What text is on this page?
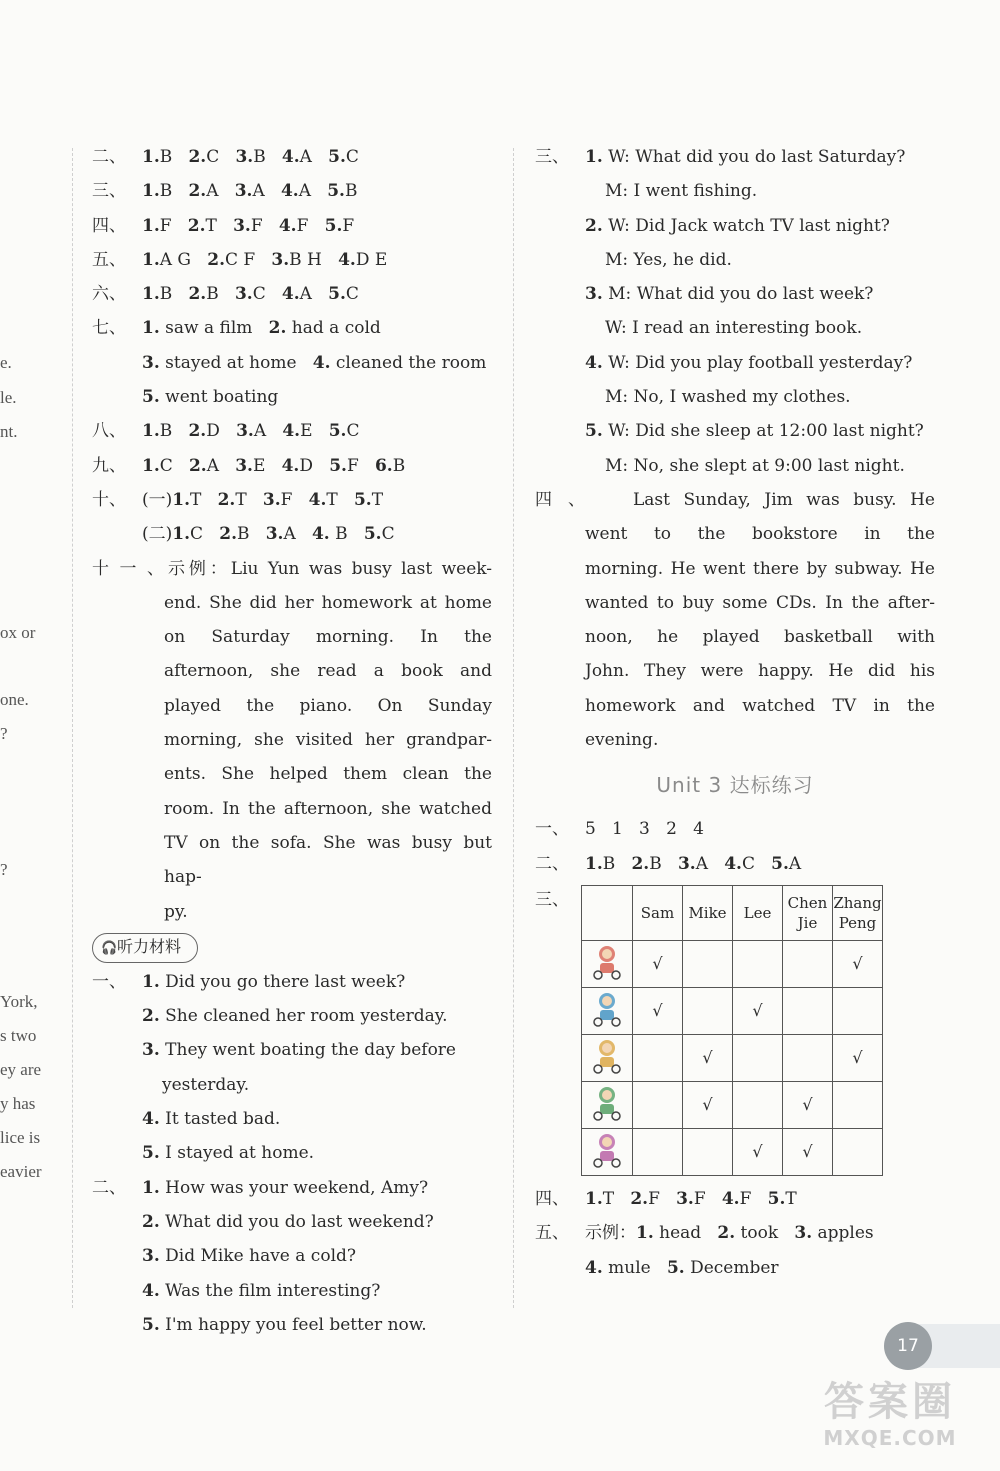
e.
le.
nt.
ox or
one.
?
?
York,
s two
ey are
y has
lice is
eavier
二、 1.B   2.C   3.B   4.A   5.C
三、 1.B   2.A   3.A   4.A   5.B
四、 1.F   2.T   3.F   4.F   5.F
五、 1.A G   2.C F   3.B H   4.D E
六、 1.B   2.B   3.C   4.A   5.C
七、 1. saw a film   2. had a cold
3. stayed at home   4. cleaned the room
5. went boating
八、 1.B   2.D   3.A   4.E   5.C
九、 1.C   2.A   3.E   4.D   5.F   6.B
十、 (一)1.T   2.T   3.F   4.T   5.T
(二)1.C   2.B   3.A   4. B   5.C
十一、示例：Liu Yun was busy last week-
end. She did her homework at home
on Saturday morning. In the
afternoon, she read a book and
played the piano. On Sunday
morning, she visited her grandpar-
ents. She helped them clean the
room. In the afternoon, she watched
TV on the sofa. She was busy but hap-
py.
🎧听力材料
一、 1. Did you go there last week?
2. She cleaned her room yesterday.
3. They went boating the day before
yesterday.
4. It tasted bad.
5. I stayed at home.
二、 1. How was your weekend, Amy?
2. What did you do last weekend?
3. Did Mike have a cold?
4. Was the film interesting?
5. I'm happy you feel better now.
三、 1. W: What did you do last Saturday?
M: I went fishing.
2. W: Did Jack watch TV last night?
M: Yes, he did.
3. M: What did you do last week?
W: I read an interesting book.
4. W: Did you play football yesterday?
M: No, I washed my clothes.
5. W: Did she sleep at 12:00 last night?
M: No, she slept at 9:00 last night.
四、	Last Sunday, Jim was busy. He
went to the bookstore in the
morning. He went there by subway. He
wanted to buy some CDs. In the after-
noon, he played basketball with
John. They were happy. He did his
homework and watched TV in the
evening.
Unit 3 达标练习
一、 5   1   3   2   4
二、 1.B   2.B   3.A   4.C   5.A
三、
	Sam	Mike	Lee	Chen Jie	Zhang Peng
	√				√
	√		√		
		√			√
		√		√	
			√	√	
四、 1.T   2.F   3.F   4.F   5.T
五、 示例：1. head   2. took   3. apples
4. mule   5. December
17
答案圈
MXQE.COM
